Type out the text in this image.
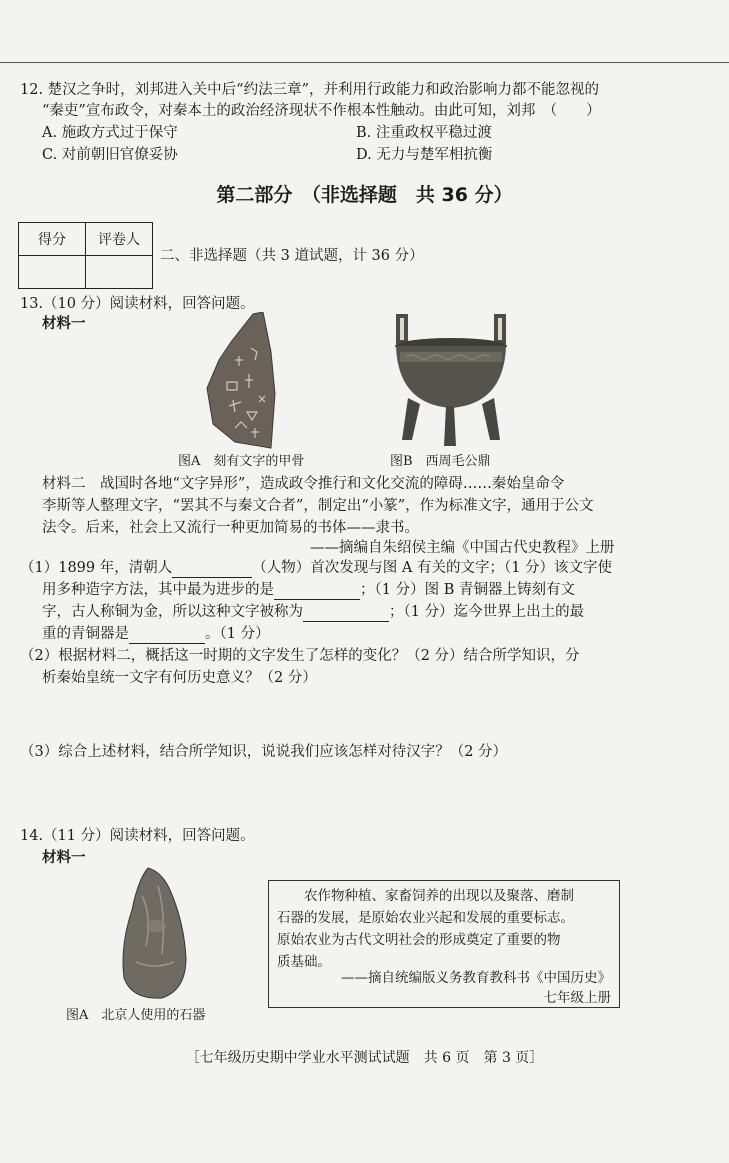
12. 楚汉之争时，刘邦进入关中后“约法三章”，并利用行政能力和政治影响力都不能忽视的
“秦吏”宣布政令，对秦本土的政治经济现状不作根本性触动。由此可知，刘邦　（　　）
A. 施政方式过于保守	B. 注重政权平稳过渡
C. 对前朝旧官僚妥协	D. 无力与楚军相抗衡
第二部分　（非选择题　共 36 分）
得分	评卷人

二、非选择题（共 3 道试题，计 36 分）
13.（10 分）阅读材料，回答问题。
材料一
图A　刻有文字的甲骨	图B　西周毛公鼎
材料二　战国时各地“文字异形”，造成政令推行和文化交流的障碍……秦始皇命令
李斯等人整理文字，“罢其不与秦文合者”，制定出“小篆”，作为标准文字，通用于公文
法令。后来，社会上又流行一种更加简易的书体——隶书。
——摘编自朱绍侯主编《中国古代史教程》上册
（1）1899 年，清朝人	（人物）首次发现与图 A 有关的文字；（1 分）该文字使
用多种造字方法，其中最为进步的是	；（1 分）图 B 青铜器上铸刻有文
字，古人称铜为金，所以这种文字被称为	；（1 分）迄今世界上出土的最
重的青铜器是	。（1 分）
（2）根据材料二，概括这一时期的文字发生了怎样的变化？（2 分）结合所学知识，分
析秦始皇统一文字有何历史意义？（2 分）
（3）综合上述材料，结合所学知识，说说我们应该怎样对待汉字？（2 分）
14.（11 分）阅读材料，回答问题。
材料一
图A　北京人使用的石器
　　农作物种植、家畜饲养的出现以及聚落、磨制
石器的发展，是原始农业兴起和发展的重要标志。
原始农业为古代文明社会的形成奠定了重要的物
质基础。
——摘自统编版义务教育教科书《中国历史》
七年级上册
［七年级历史期中学业水平测试试题　共 6 页　第 3 页］
